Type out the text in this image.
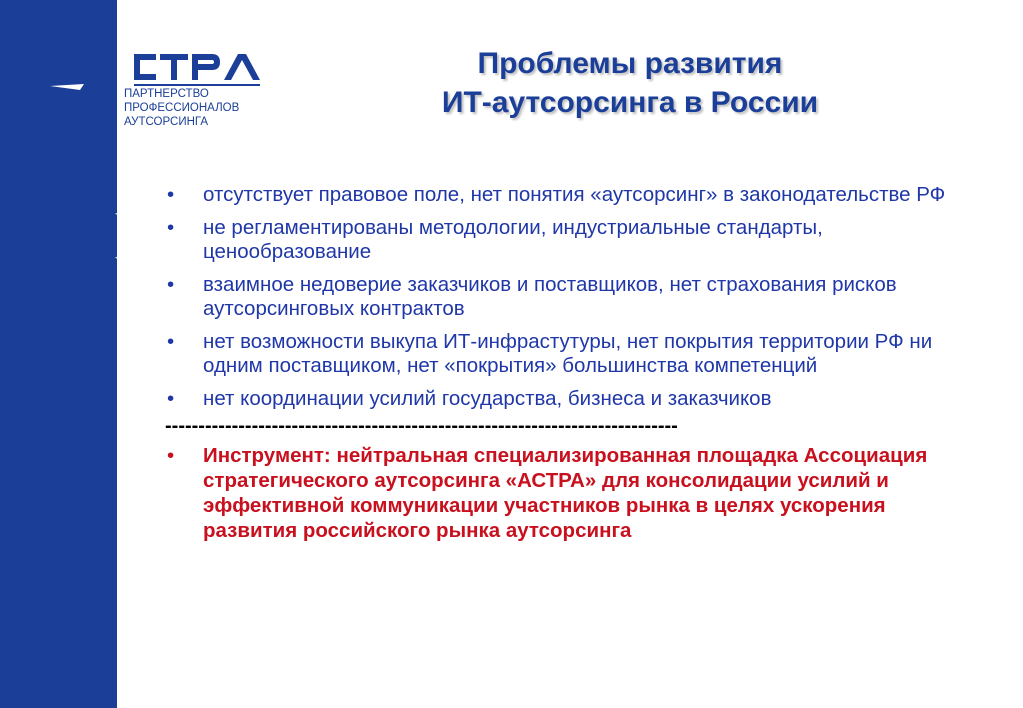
www.astra-partners.ru
ПАРТНЕРСТВО
ПРОФЕССИОНАЛОВ
АУТСОРСИНГА
Проблемы развития
ИТ-аутсорсинга в России
• отсутствует правовое поле, нет понятия «аутсорсинг» в законодательстве РФ
• не регламентированы методологии, индустриальные стандарты, ценообразование
• взаимное недоверие заказчиков и поставщиков, нет страхования рисков аутсорсинговых контрактов
• нет возможности выкупа ИТ-инфрастутуры, нет покрытия территории РФ ни одним поставщиком, нет «покрытия» большинства компетенций
• нет координации усилий государства, бизнеса и заказчиков
-----------------------------------------------------------------------------
• Инструмент: нейтральная специализированная площадка Ассоциация стратегического аутсорсинга «АСТРА» для консолидации усилий и эффективной коммуникации участников рынка в целях ускорения развития российского рынка аутсорсинга
